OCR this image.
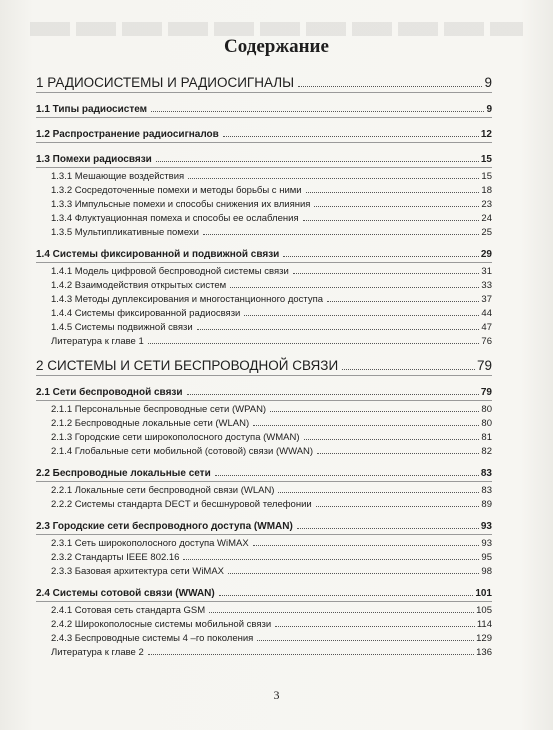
Содержание
1 РАДИОСИСТЕМЫ И РАДИОСИГНАЛЫ	9
1.1 Типы радиосистем	9
1.2 Распространение радиосигналов	12
1.3 Помехи радиосвязи	15
1.3.1 Мешающие воздействия	15
1.3.2 Сосредоточенные помехи и методы борьбы с ними	18
1.3.3 Импульсные помехи и способы снижения их влияния	23
1.3.4 Флуктуационная помеха и способы ее ослабления	24
1.3.5 Мультипликативные помехи	25
1.4 Системы фиксированной и подвижной связи	29
1.4.1 Модель цифровой беспроводной системы связи	31
1.4.2 Взаимодействия открытых систем	33
1.4.3 Методы дуплексирования и многостанционного доступа	37
1.4.4 Системы фиксированной радиосвязи	44
1.4.5 Системы подвижной связи	47
Литература к главе 1	76
2 СИСТЕМЫ И СЕТИ БЕСПРОВОДНОЙ СВЯЗИ	79
2.1 Сети беспроводной связи	79
2.1.1 Персональные беспроводные сети (WPAN)	80
2.1.2 Беспроводные локальные сети (WLAN)	80
2.1.3 Городские сети широкополосного доступа (WMAN)	81
2.1.4 Глобальные сети мобильной (сотовой) связи (WWAN)	82
2.2 Беспроводные локальные сети	83
2.2.1 Локальные сети беспроводной связи (WLAN)	83
2.2.2 Системы стандарта DECT и бесшнуровой телефонии	89
2.3 Городские сети беспроводного доступа (WMAN)	93
2.3.1 Сеть широкополосного доступа WiMAX	93
2.3.2 Стандарты IEEE 802.16	95
2.3.3 Базовая архитектура сети WiMAX	98
2.4 Системы сотовой связи (WWAN)	101
2.4.1 Сотовая сеть стандарта GSM	105
2.4.2 Широкополосные системы мобильной связи	114
2.4.3 Беспроводные системы 4 –го поколения	129
Литература к главе 2	136
3
